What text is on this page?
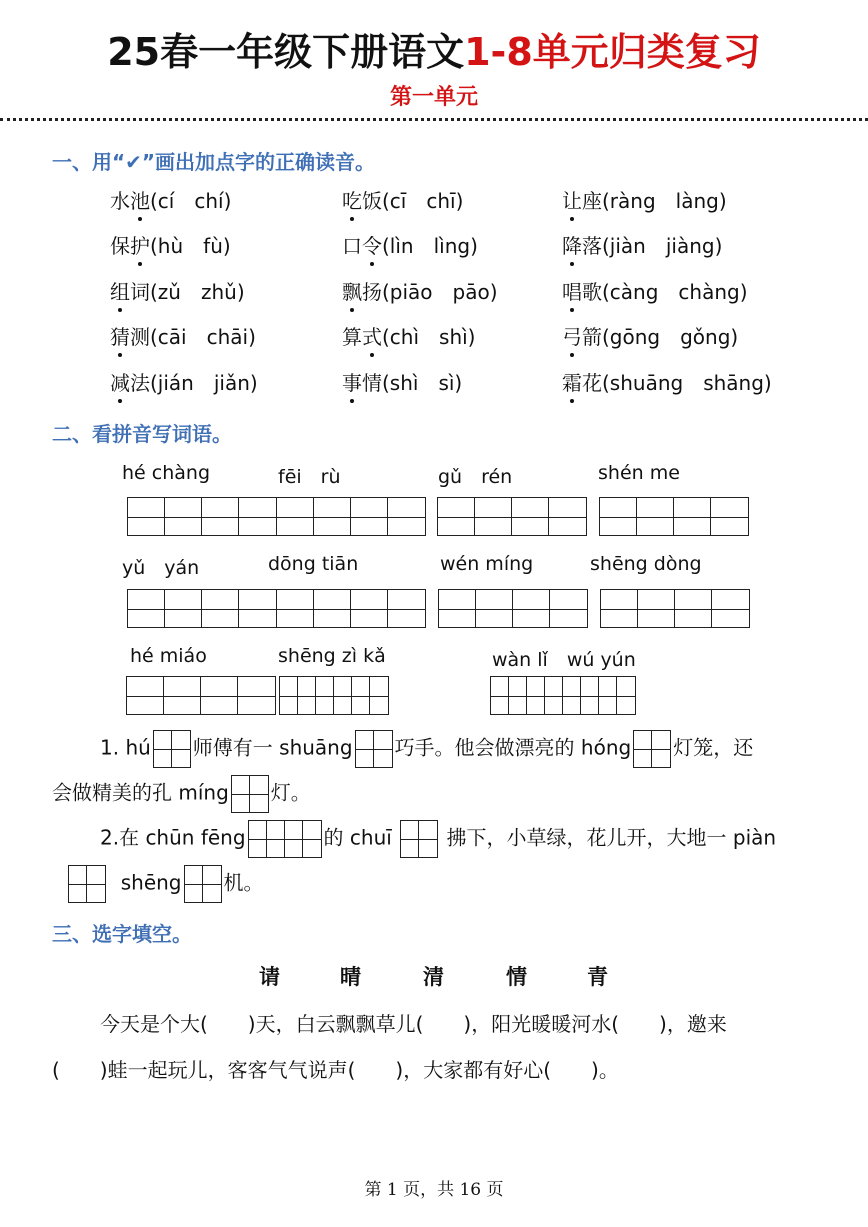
25春一年级下册语文1-8单元归类复习
第一单元
一、用“✔”画出加点字的正确读音。
水池(cí　chí)	吃饭(cī　chī)	让座(ràng　làng)
保护(hù　fù)	口令(lìn　lìng)	降落(jiàn　jiàng)
组词(zǔ　zhǔ)	飘扬(piāo　pāo)	唱歌(càng　chàng)
猜测(cāi　chāi)	算式(chì　shì)	弓箭(gōng　gǒng)
减法(jián　jiǎn)	事情(shì　sì)	霜花(shuāng　shāng)
二、看拼音写词语。
hé chàng	fēi　rù	gǔ　rén	shén me
yǔ　yán	dōng tiān	wén míng	shēng dòng
hé miáo	shēng zì kǎ	wàn lǐ　wú yún
1. hú 师傅有一 shuāng 巧手。他会做漂亮的 hóng 灯笼，还
会做精美的孔 míng 灯。
2.在 chūn fēng	的 chuī	拂下，小草绿，花儿开，大地一 piàn
shēng 机。
三、选字填空。
请	晴	清	情	青
今天是个大(　　)天，白云飘飘草儿(　　)，阳光暖暖河水(　　)，邀来
(　　)蛙一起玩儿，客客气气说声(　　)，大家都有好心(　　)。
第 1 页，共 16 页
